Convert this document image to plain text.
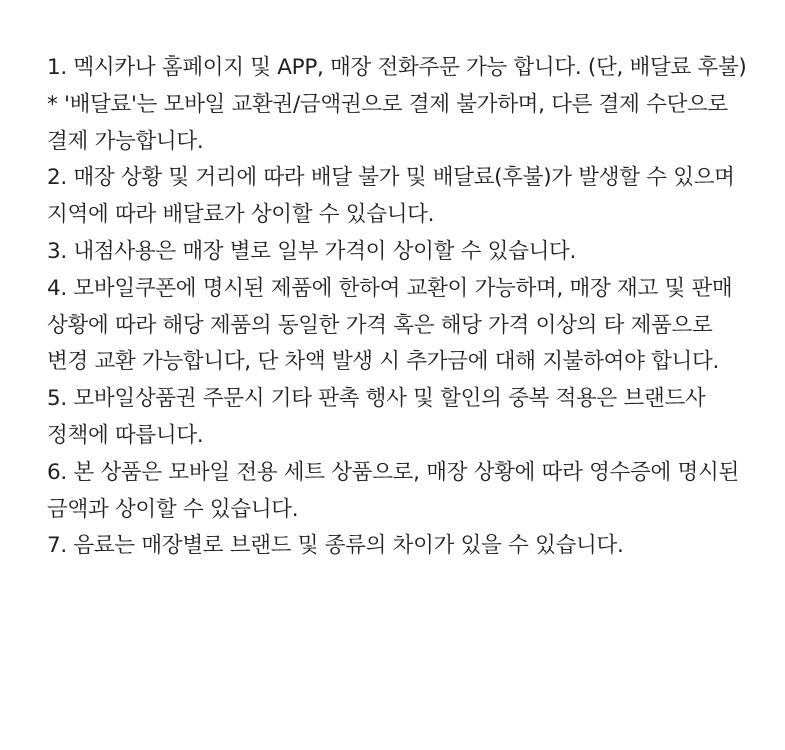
1. 멕시카나 홈페이지 및 APP, 매장 전화주문 가능 합니다. (단, 배달료 후불)

* '배달료'는 모바일 교환권/금액권으로 결제 불가하며, 다른 결제 수단으로 결제 가능합니다.

2. 매장 상황 및 거리에 따라 배달 불가 및 배달료(후불)가 발생할 수 있으며 지역에 따라 배달료가 상이할 수 있습니다.

3. 내점사용은 매장 별로 일부 가격이 상이할 수 있습니다.

4. 모바일쿠폰에 명시된 제품에 한하여 교환이 가능하며, 매장 재고 및 판매 상황에 따라 해당 제품의 동일한 가격 혹은 해당 가격 이상의 타 제품으로 변경 교환 가능합니다, 단 차액 발생 시 추가금에 대해 지불하여야 합니다.

5. 모바일상품권 주문시 기타 판촉 행사 및 할인의 중복 적용은 브랜드사 정책에 따릅니다.

6. 본 상품은 모바일 전용 세트 상품으로, 매장 상황에 따라 영수증에 명시된 금액과 상이할 수 있습니다.

7. 음료는 매장별로 브랜드 및 종류의 차이가 있을 수 있습니다.
